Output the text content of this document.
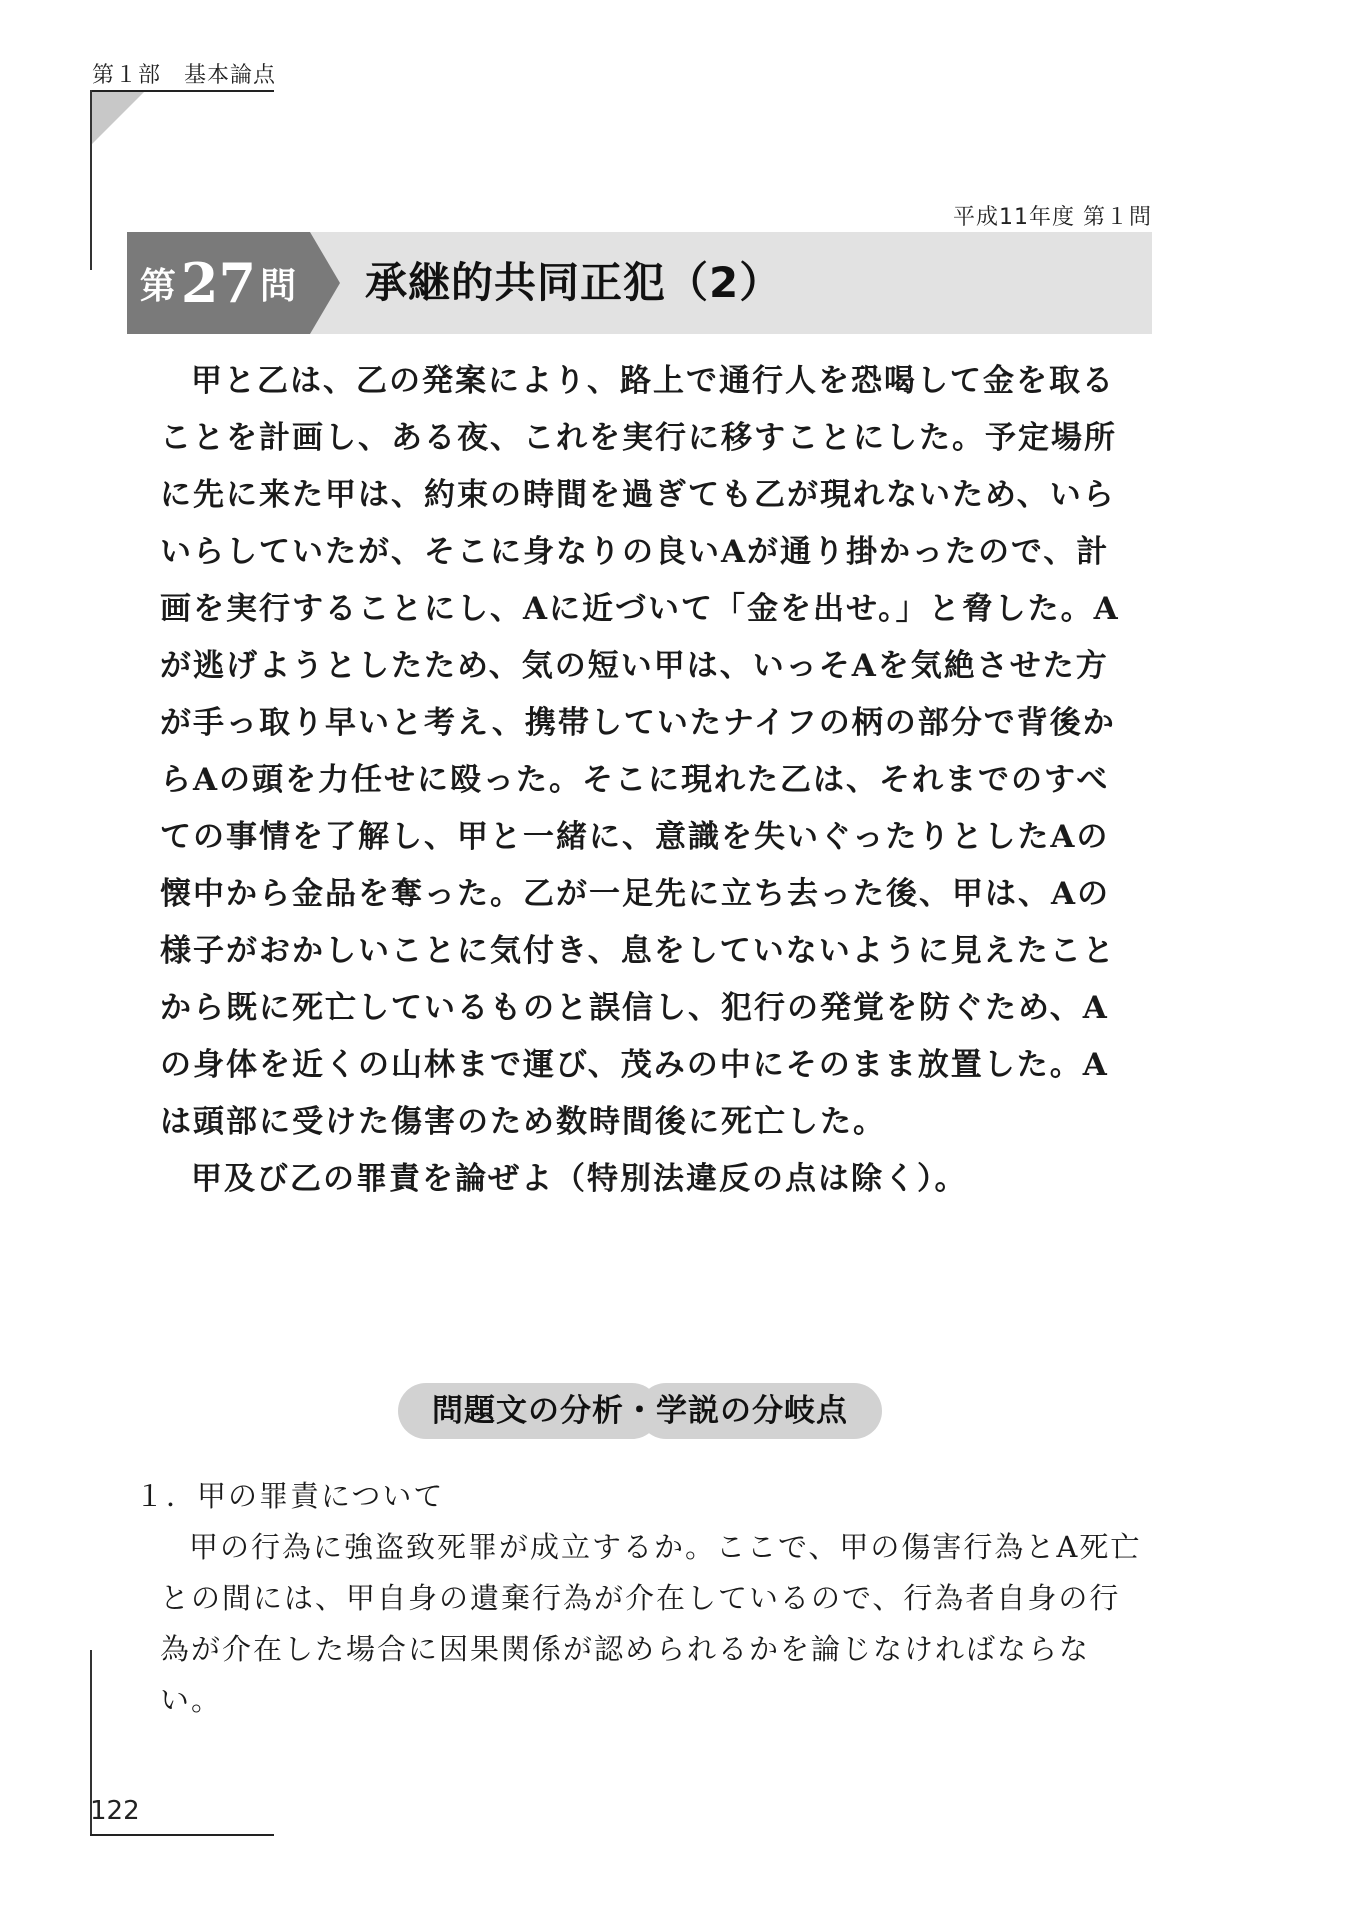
第１部　基本論点
平成11年度 第１問
第 27 問 承継的共同正犯（2）

甲と乙は、乙の発案により、路上で通行人を恐喝して金を取ることを計画し、ある夜、これを実行に移すことにした。予定場所に先に来た甲は、約束の時間を過ぎても乙が現れないため、いらいらしていたが、そこに身なりの良いAが通り掛かったので、計画を実行することにし、Aに近づいて「金を出せ。」と脅した。Aが逃げようとしたため、気の短い甲は、いっそAを気絶させた方が手っ取り早いと考え、携帯していたナイフの柄の部分で背後からAの頭を力任せに殴った。そこに現れた乙は、それまでのすべての事情を了解し、甲と一緒に、意識を失いぐったりとしたAの懐中から金品を奪った。乙が一足先に立ち去った後、甲は、Aの様子がおかしいことに気付き、息をしていないように見えたことから既に死亡しているものと誤信し、犯行の発覚を防ぐため、Aの身体を近くの山林まで運び、茂みの中にそのまま放置した。Aは頭部に受けた傷害のため数時間後に死亡した。

甲及び乙の罪責を論ぜよ（特別法違反の点は除く）。

問題文の分析・学説の分岐点
１．甲の罪責について

甲の行為に強盗致死罪が成立するか。ここで、甲の傷害行為とA死亡との間には、甲自身の遺棄行為が介在しているので、行為者自身の行為が介在した場合に因果関係が認められるかを論じなければならない。

122
